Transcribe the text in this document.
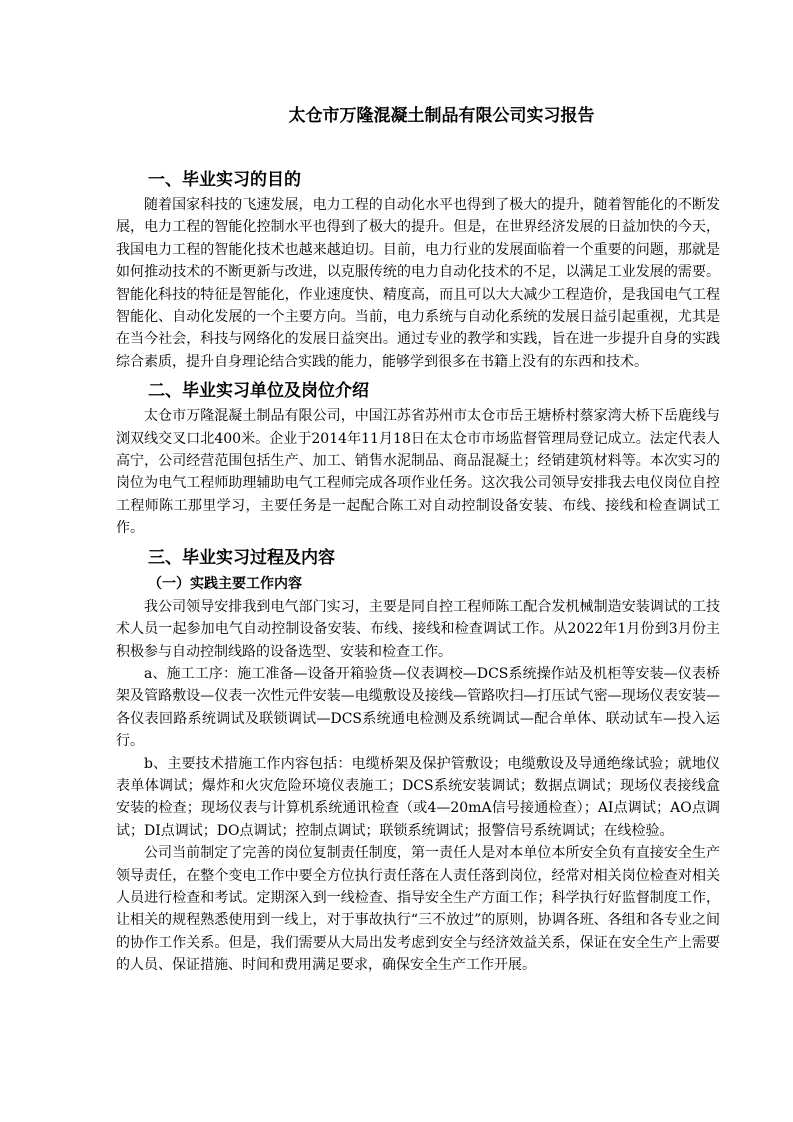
太仓市万隆混凝土制品有限公司实习报告
一、毕业实习的目的

随着国家科技的飞速发展，电力工程的自动化水平也得到了极大的提升，随着智能化的不断发展，电力工程的智能化控制水平也得到了极大的提升。但是，在世界经济发展的日益加快的今天，我国电力工程的智能化技术也越来越迫切。目前，电力行业的发展面临着一个重要的问题，那就是如何推动技术的不断更新与改进，以克服传统的电力自动化技术的不足，以满足工业发展的需要。智能化科技的特征是智能化，作业速度快、精度高，而且可以大大减少工程造价，是我国电气工程智能化、自动化发展的一个主要方向。当前，电力系统与自动化系统的发展日益引起重视，尤其是在当今社会，科技与网络化的发展日益突出。通过专业的教学和实践，旨在进一步提升自身的实践综合素质，提升自身理论结合实践的能力，能够学到很多在书籍上没有的东西和技术。

二、毕业实习单位及岗位介绍

太仓市万隆混凝土制品有限公司，中国江苏省苏州市太仓市岳王塘桥村蔡家湾大桥下岳鹿线与浏双线交叉口北400米。企业于2014年11月18日在太仓市市场监督管理局登记成立。法定代表人高宁，公司经营范围包括生产、加工、销售水泥制品、商品混凝土；经销建筑材料等。本次实习的岗位为电气工程师助理辅助电气工程师完成各项作业任务。这次我公司领导安排我去电仪岗位自控工程师陈工那里学习，主要任务是一起配合陈工对自动控制设备安装、布线、接线和检查调试工作。

三、毕业实习过程及内容
（一）实践主要工作内容

我公司领导安排我到电气部门实习，主要是同自控工程师陈工配合发机械制造安装调试的工技术人员一起参加电气自动控制设备安装、布线、接线和检查调试工作。从2022年1月份到3月份主积极参与自动控制线路的设备选型、安装和检查工作。

a、施工工序：施工准备—设备开箱验货—仪表调校—DCS系统操作站及机柜等安装—仪表桥架及管路敷设—仪表一次性元件安装—电缆敷设及接线—管路吹扫—打压试气密—现场仪表安装—各仪表回路系统调试及联锁调试—DCS系统通电检测及系统调试—配合单体、联动试车—投入运行。

b、主要技术措施工作内容包括：电缆桥架及保护管敷设；电缆敷设及导通绝缘试验；就地仪表单体调试；爆炸和火灾危险环境仪表施工；DCS系统安装调试；数据点调试；现场仪表接线盒安装的检查；现场仪表与计算机系统通讯检查（或4—20mA信号接通检查）；AI点调试；AO点调试；DI点调试；DO点调试；控制点调试；联锁系统调试；报警信号系统调试；在线检验。

公司当前制定了完善的岗位复制责任制度，第一责任人是对本单位本所安全负有直接安全生产领导责任，在整个变电工作中要全方位执行责任落在人责任落到岗位，经常对相关岗位检查对相关人员进行检查和考试。定期深入到一线检查、指导安全生产方面工作；科学执行好监督制度工作，让相关的规程熟悉使用到一线上，对于事故执行“三不放过”的原则，协调各班、各组和各专业之间的协作工作关系。但是，我们需要从大局出发考虑到安全与经济效益关系，保证在安全生产上需要的人员、保证措施、时间和费用满足要求，确保安全生产工作开展。
